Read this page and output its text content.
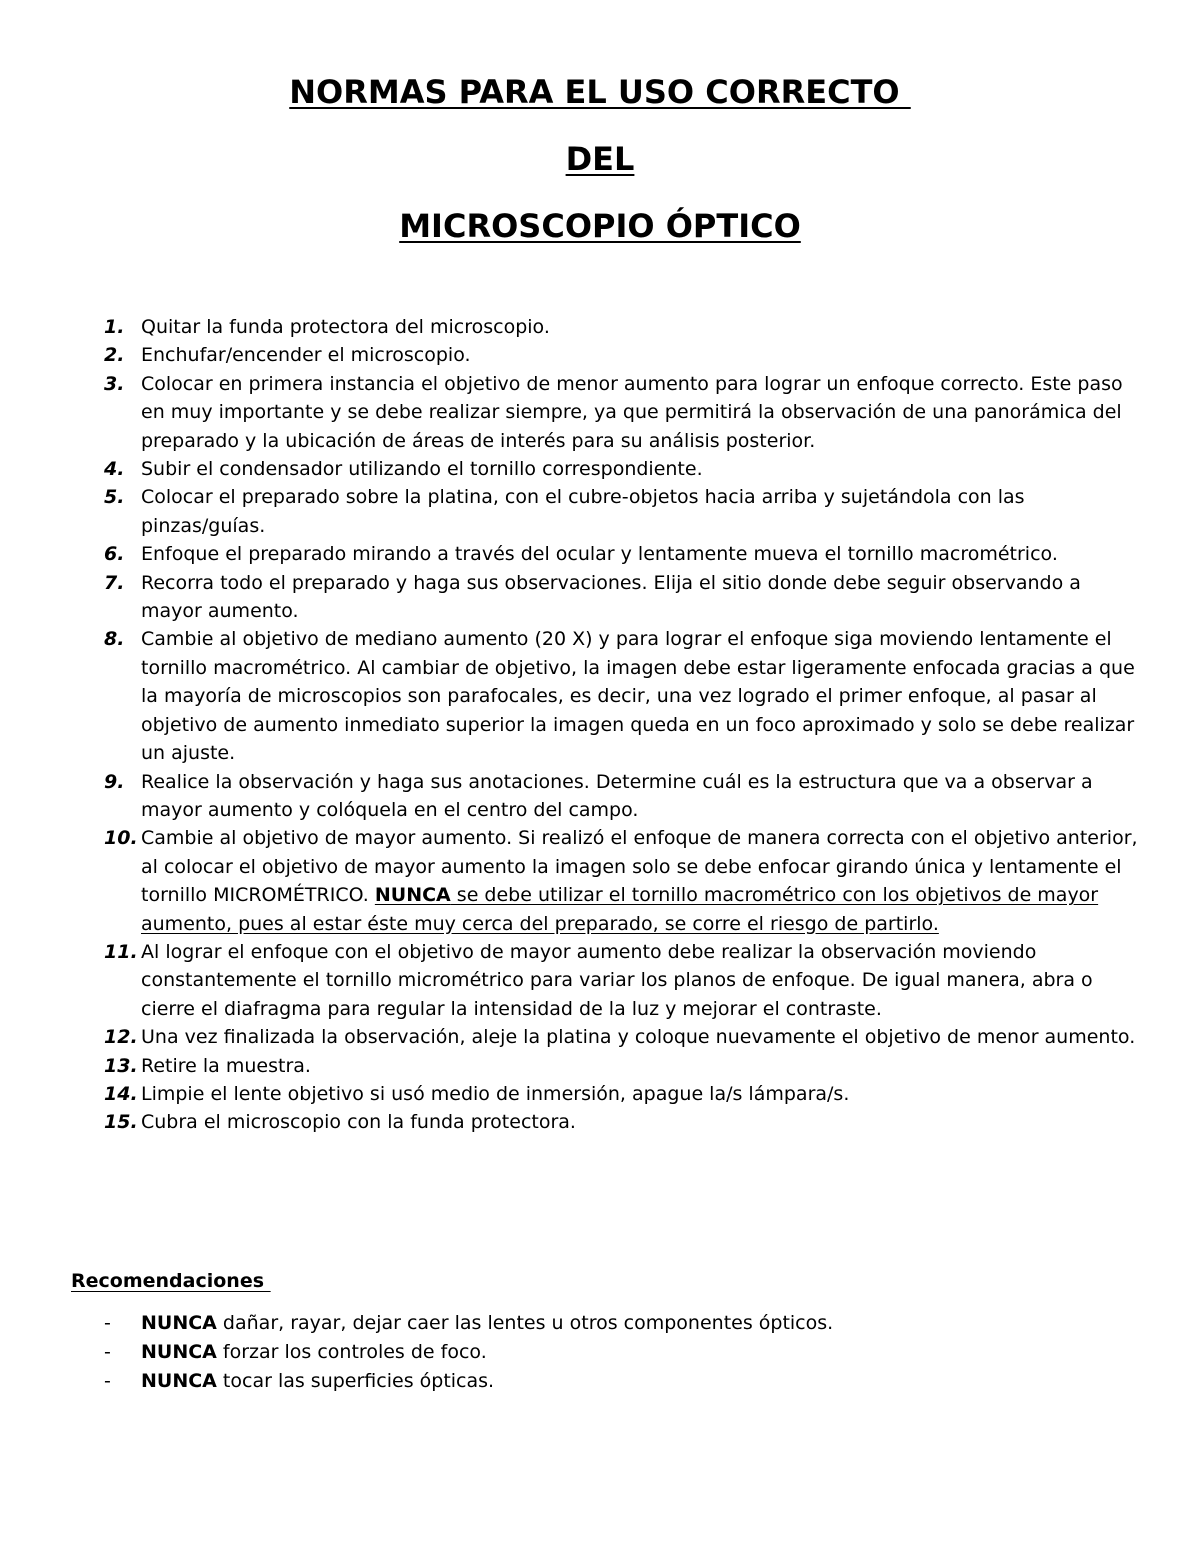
NORMAS PARA EL USO CORRECTO
DEL
MICROSCOPIO ÓPTICO
1. Quitar la funda protectora del microscopio.
2. Enchufar/encender el microscopio.
3. Colocar en primera instancia el objetivo de menor aumento para lograr un enfoque correcto. Este paso en muy importante y se debe realizar siempre, ya que permitirá la observación de una panorámica del preparado y la ubicación de áreas de interés para su análisis posterior.
4. Subir el condensador utilizando el tornillo correspondiente.
5. Colocar el preparado sobre la platina, con el cubre-objetos hacia arriba y sujetándola con las pinzas/guías.
6. Enfoque el preparado mirando a través del ocular y lentamente mueva el tornillo macrométrico.
7. Recorra todo el preparado y haga sus observaciones. Elija el sitio donde debe seguir observando a mayor aumento.
8. Cambie al objetivo de mediano aumento (20 X) y para lograr el enfoque siga moviendo lentamente el tornillo macrométrico. Al cambiar de objetivo, la imagen debe estar ligeramente enfocada gracias a que la mayoría de microscopios son parafocales, es decir, una vez logrado el primer enfoque, al pasar al objetivo de aumento inmediato superior la imagen queda en un foco aproximado y solo se debe realizar un ajuste.
9. Realice la observación y haga sus anotaciones. Determine cuál es la estructura que va a observar a mayor aumento y colóquela en el centro del campo.
10. Cambie al objetivo de mayor aumento. Si realizó el enfoque de manera correcta con el objetivo anterior, al colocar el objetivo de mayor aumento la imagen solo se debe enfocar girando única y lentamente el tornillo MICROMÉTRICO. NUNCA se debe utilizar el tornillo macrométrico con los objetivos de mayor aumento, pues al estar éste muy cerca del preparado, se corre el riesgo de partirlo.
11. Al lograr el enfoque con el objetivo de mayor aumento debe realizar la observación moviendo constantemente el tornillo micrométrico para variar los planos de enfoque. De igual manera, abra o cierre el diafragma para regular la intensidad de la luz y mejorar el contraste.
12. Una vez finalizada la observación, aleje la platina y coloque nuevamente el objetivo de menor aumento.
13. Retire la muestra.
14. Limpie el lente objetivo si usó medio de inmersión, apague la/s lámpara/s.
15. Cubra el microscopio con la funda protectora.
Recomendaciones
- NUNCA dañar, rayar, dejar caer las lentes u otros componentes ópticos.
- NUNCA forzar los controles de foco.
- NUNCA tocar las superficies ópticas.
